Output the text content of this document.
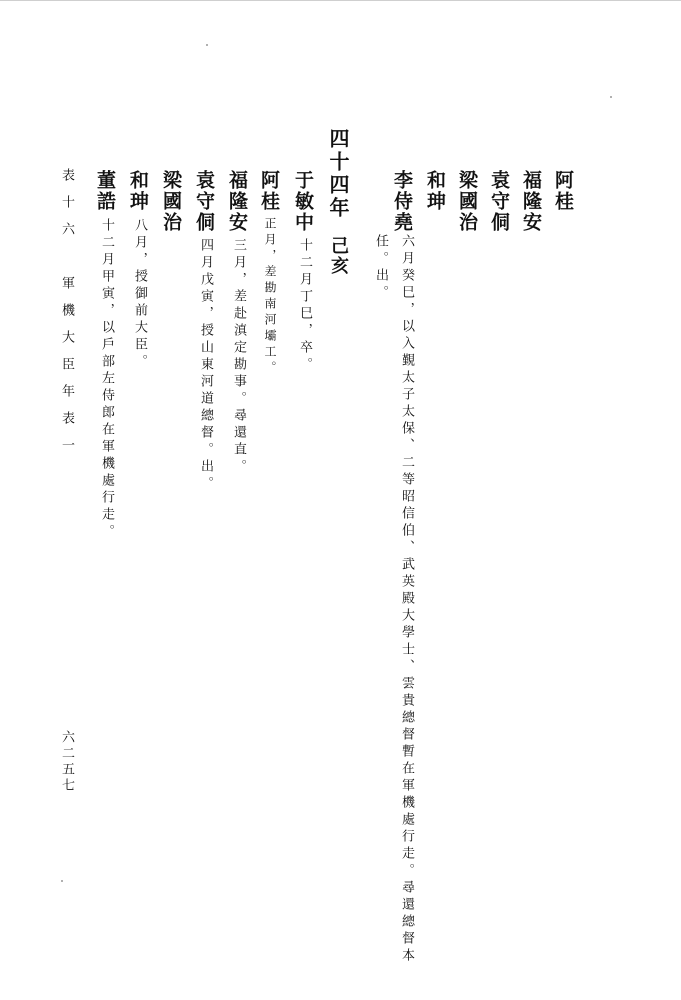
阿桂
福隆安
袁守侗
梁國治
和珅
李侍堯
六月癸巳，以入覲太子太保、二等昭信伯、武英殿大學士、雲貴總督暫在軍機處行走。尋還總督本
任。出。
四十四年己亥
于敏中
十二月丁巳，卒。
阿桂
正月，差勘南河壩工。
福隆安
三月，差赴滇定勘事。尋還直。
袁守侗
四月戊寅，授山東河道總督。出。
梁國治
和珅
八月，授御前大臣。
董誥
十二月甲寅，以戶部左侍郎在軍機處行走。
表十六　軍機大臣年表一
六二五七
